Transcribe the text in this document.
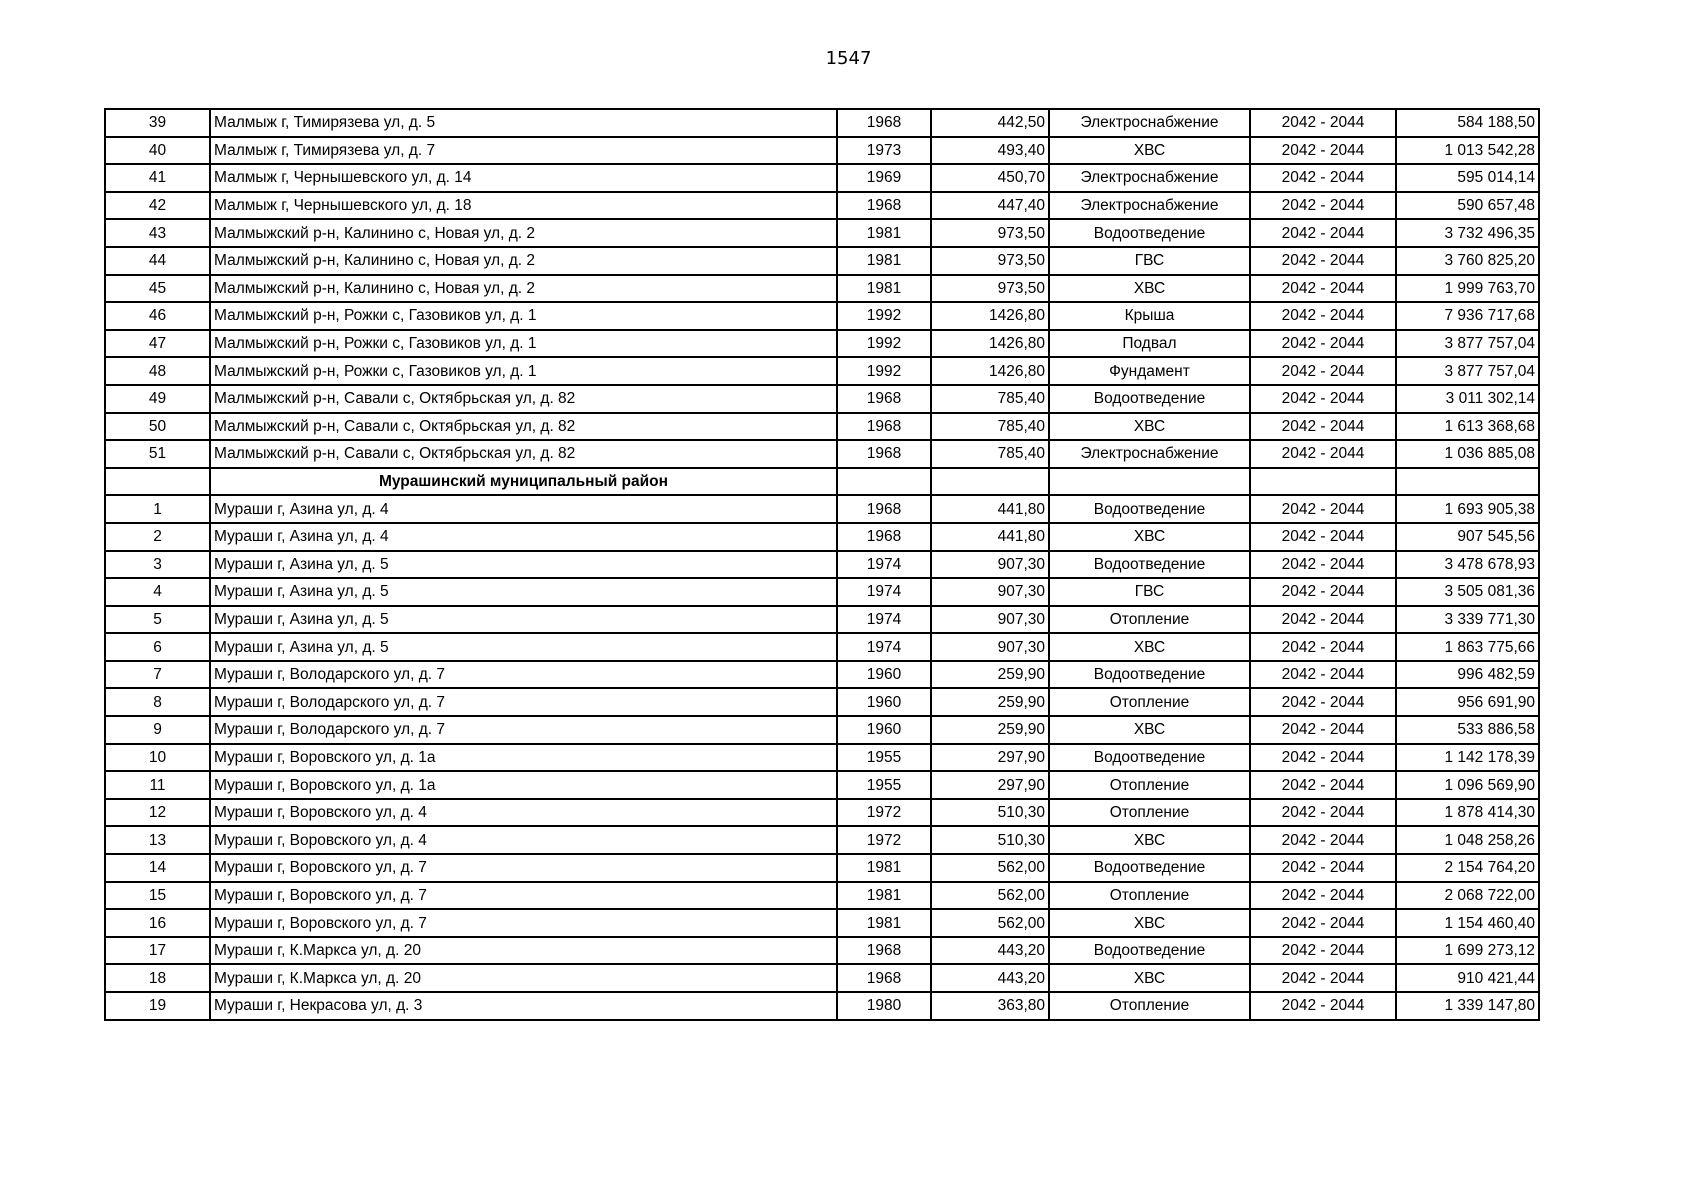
1547
39	Малмыж г, Тимирязева ул, д. 5	1968	442,50	Электроснабжение	2042 - 2044	584 188,50
40	Малмыж г, Тимирязева ул, д. 7	1973	493,40	ХВС	2042 - 2044	1 013 542,28
41	Малмыж г, Чернышевского ул, д. 14	1969	450,70	Электроснабжение	2042 - 2044	595 014,14
42	Малмыж г, Чернышевского ул, д. 18	1968	447,40	Электроснабжение	2042 - 2044	590 657,48
43	Малмыжский р-н, Калинино с, Новая ул, д. 2	1981	973,50	Водоотведение	2042 - 2044	3 732 496,35
44	Малмыжский р-н, Калинино с, Новая ул, д. 2	1981	973,50	ГВС	2042 - 2044	3 760 825,20
45	Малмыжский р-н, Калинино с, Новая ул, д. 2	1981	973,50	ХВС	2042 - 2044	1 999 763,70
46	Малмыжский р-н, Рожки с, Газовиков ул, д. 1	1992	1426,80	Крыша	2042 - 2044	7 936 717,68
47	Малмыжский р-н, Рожки с, Газовиков ул, д. 1	1992	1426,80	Подвал	2042 - 2044	3 877 757,04
48	Малмыжский р-н, Рожки с, Газовиков ул, д. 1	1992	1426,80	Фундамент	2042 - 2044	3 877 757,04
49	Малмыжский р-н, Савали с, Октябрьская ул, д. 82	1968	785,40	Водоотведение	2042 - 2044	3 011 302,14
50	Малмыжский р-н, Савали с, Октябрьская ул, д. 82	1968	785,40	ХВС	2042 - 2044	1 613 368,68
51	Малмыжский р-н, Савали с, Октябрьская ул, д. 82	1968	785,40	Электроснабжение	2042 - 2044	1 036 885,08
	Мурашинский муниципальный район					
1	Мураши г, Азина ул, д. 4	1968	441,80	Водоотведение	2042 - 2044	1 693 905,38
2	Мураши г, Азина ул, д. 4	1968	441,80	ХВС	2042 - 2044	907 545,56
3	Мураши г, Азина ул, д. 5	1974	907,30	Водоотведение	2042 - 2044	3 478 678,93
4	Мураши г, Азина ул, д. 5	1974	907,30	ГВС	2042 - 2044	3 505 081,36
5	Мураши г, Азина ул, д. 5	1974	907,30	Отопление	2042 - 2044	3 339 771,30
6	Мураши г, Азина ул, д. 5	1974	907,30	ХВС	2042 - 2044	1 863 775,66
7	Мураши г, Володарского ул, д. 7	1960	259,90	Водоотведение	2042 - 2044	996 482,59
8	Мураши г, Володарского ул, д. 7	1960	259,90	Отопление	2042 - 2044	956 691,90
9	Мураши г, Володарского ул, д. 7	1960	259,90	ХВС	2042 - 2044	533 886,58
10	Мураши г, Воровского ул, д. 1а	1955	297,90	Водоотведение	2042 - 2044	1 142 178,39
11	Мураши г, Воровского ул, д. 1а	1955	297,90	Отопление	2042 - 2044	1 096 569,90
12	Мураши г, Воровского ул, д. 4	1972	510,30	Отопление	2042 - 2044	1 878 414,30
13	Мураши г, Воровского ул, д. 4	1972	510,30	ХВС	2042 - 2044	1 048 258,26
14	Мураши г, Воровского ул, д. 7	1981	562,00	Водоотведение	2042 - 2044	2 154 764,20
15	Мураши г, Воровского ул, д. 7	1981	562,00	Отопление	2042 - 2044	2 068 722,00
16	Мураши г, Воровского ул, д. 7	1981	562,00	ХВС	2042 - 2044	1 154 460,40
17	Мураши г, К.Маркса ул, д. 20	1968	443,20	Водоотведение	2042 - 2044	1 699 273,12
18	Мураши г, К.Маркса ул, д. 20	1968	443,20	ХВС	2042 - 2044	910 421,44
19	Мураши г, Некрасова ул, д. 3	1980	363,80	Отопление	2042 - 2044	1 339 147,80
